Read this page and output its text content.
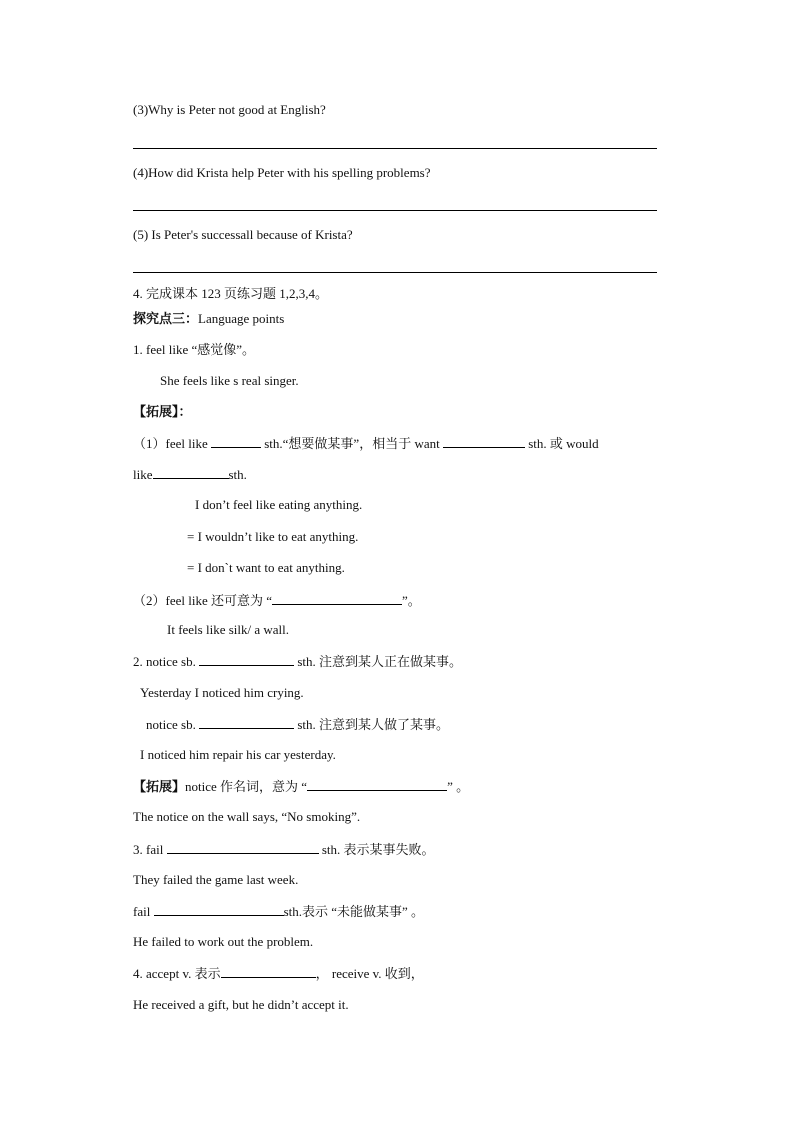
(3)Why is Peter not good at English?
(4)How did Krista help Peter with his spelling problems?
(5) Is Peter's successall because of Krista?
4. 完成课本 123 页练习题 1,2,3,4。
探究点三：Language points
1. feel like “感觉像”。
She feels like s real singer.
【拓展】：
（1）feel like	sth.“想要做某事”，相当于 want	sth. 或 would
like	sth.
I don’t feel like eating anything.
= I wouldn’t like to eat anything.
= I don`t want to eat anything.
（2）feel like 还可意为 “	”。
It feels like silk/ a wall.
2. notice sb.	sth. 注意到某人正在做某事。
Yesterday I noticed him crying.
notice sb.	sth. 注意到某人做了某事。
I noticed him repair his car yesterday.
【拓展】notice 作名词，意为 “	” 。
The notice on the wall says, “No smoking”.
3. fail	sth. 表示某事失败。
They failed the game last week.
fail	sth.表示 “未能做某事” 。
He failed to work out the problem.
4. accept v. 表示	， receive v. 收到，
He received a gift, but he didn’t accept it.
